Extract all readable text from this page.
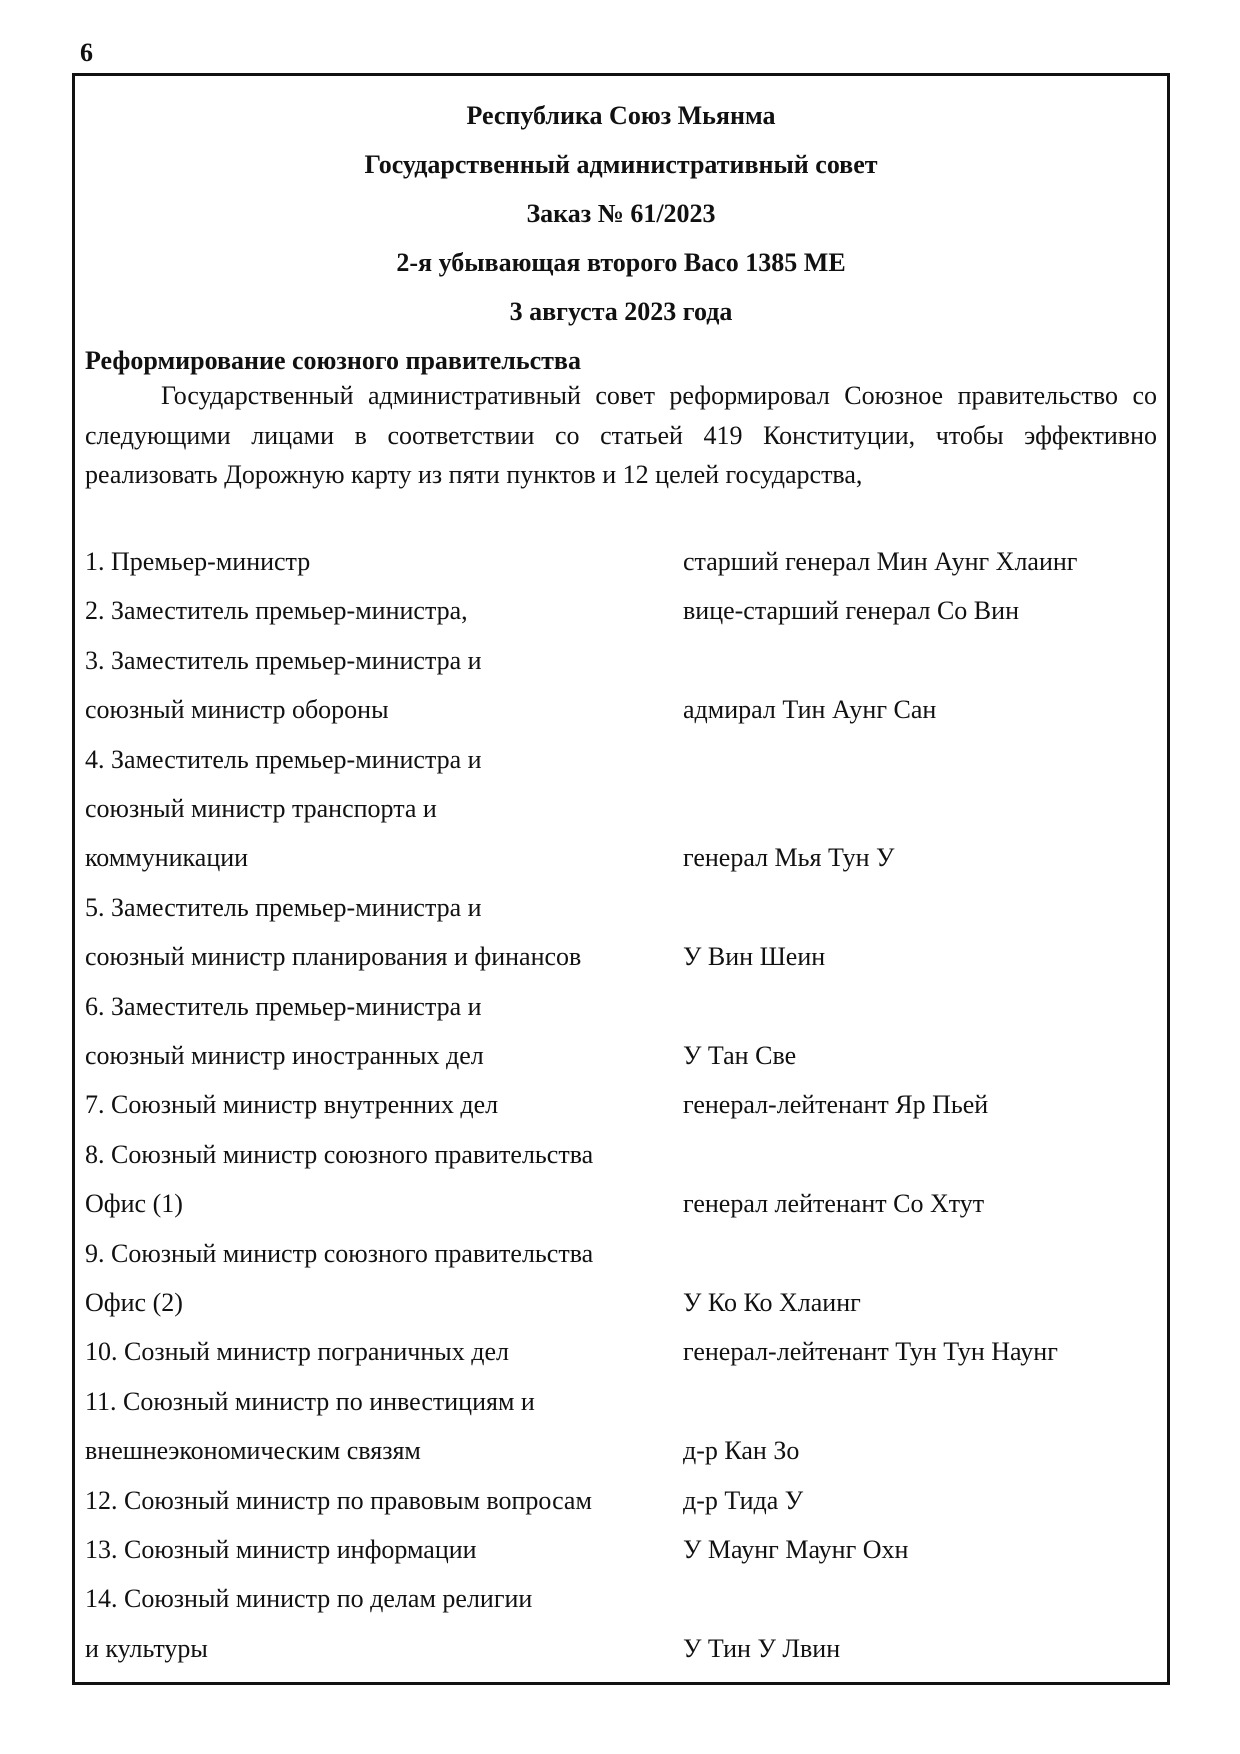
6
Республика Союз Мьянма
Государственный административный совет
Заказ № 61/2023
2-я убывающая второго Васо 1385 ME
3 августа 2023 года
Реформирование союзного правительства

Государственный административный совет реформировал Союзное правительство со следующими лицами в соответствии со статьей 419 Конституции, чтобы эффективно реализовать Дорожную карту из пяти пунктов и 12 целей государства,

1. Премьер-министр	старший генерал Мин Аунг Хлаинг
2. Заместитель премьер-министра,	вице-старший генерал Со Вин
3. Заместитель премьер-министра и
союзный министр обороны	адмирал Тин Аунг Сан
4. Заместитель премьер-министра и
союзный министр транспорта и
коммуникации	генерал Мья Тун У
5. Заместитель премьер-министра и
союзный министр планирования и финансов	У Вин Шеин
6. Заместитель премьер-министра и
союзный министр иностранных дел	У Тан Све
7. Союзный министр внутренних дел	генерал-лейтенант Яр Пьей
8. Союзный министр союзного правительства
Офис (1)	генерал лейтенант Со Хтут
9. Союзный министр союзного правительства
Офис (2)	У Ко Ко Хлаинг
10. Созный министр пограничных дел	генерал-лейтенант Тун Тун Наунг
11. Союзный министр по инвестициям и
внешнеэкономическим связям	д-р Кан Зо
12. Союзный министр по правовым вопросам	д-р Тида У
13. Союзный министр информации	У Маунг Маунг Охн
14. Союзный министр по делам религии
и культуры	У Тин У Лвин
